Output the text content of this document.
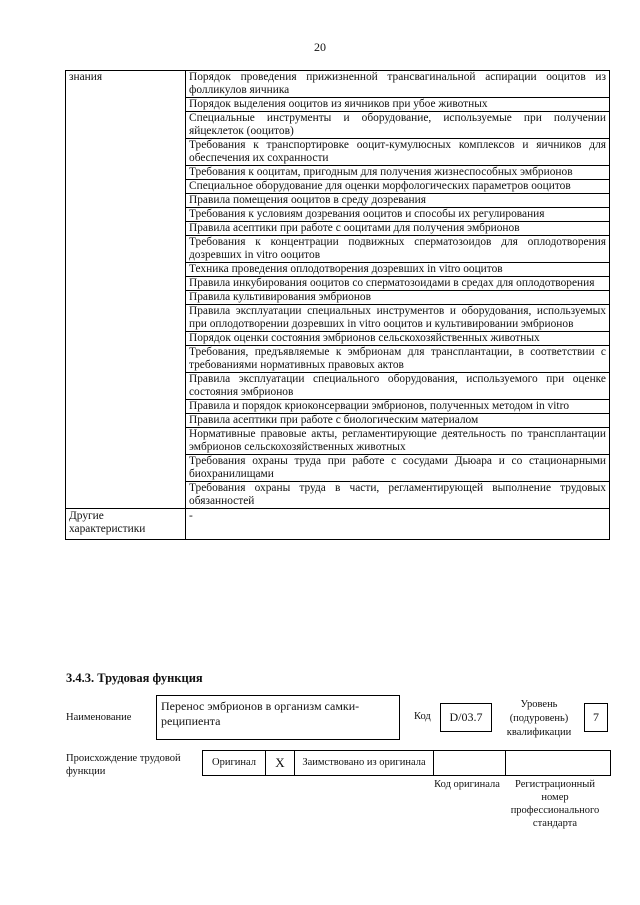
20
знания	Порядок проведения прижизненной трансвагинальной аспирации ооцитов из фолликулов яичника
	Порядок выделения ооцитов из яичников при убое животных
	Специальные инструменты и оборудование, используемые при получении яйцеклеток (ооцитов)
	Требования к транспортировке ооцит-кумулюсных комплексов и яичников для обеспечения их сохранности
	Требования к ооцитам, пригодным для получения жизнеспособных эмбрионов
	Специальное оборудование для оценки морфологических параметров ооцитов
	Правила помещения ооцитов в среду дозревания
	Требования к условиям дозревания ооцитов и способы их регулирования
	Правила асептики при работе с ооцитами для получения эмбрионов
	Требования к концентрации подвижных сперматозоидов для оплодотворения дозревших in vitro ооцитов
	Техника проведения оплодотворения дозревших in vitro ооцитов
	Правила инкубирования ооцитов со сперматозоидами в средах для оплодотворения
	Правила культивирования эмбрионов
	Правила эксплуатации специальных инструментов и оборудования, используемых при оплодотворении дозревших in vitro ооцитов и культивировании эмбрионов
	Порядок оценки состояния эмбрионов сельскохозяйственных животных
	Требования, предъявляемые к эмбрионам для трансплантации, в соответствии с требованиями нормативных правовых актов
	Правила эксплуатации специального оборудования, используемого при оценке состояния эмбрионов
	Правила и порядок криоконсервации эмбрионов, полученных методом in vitro
	Правила асептики при работе с биологическим материалом
	Нормативные правовые акты, регламентирующие деятельность по трансплантации эмбрионов сельскохозяйственных животных
	Требования охраны труда при работе с сосудами Дьюара и со стационарными биохранилищами
	Требования охраны труда в части, регламентирующей выполнение трудовых обязанностей
Другие характеристики	-
3.4.3. Трудовая функция
Наименование
Перенос эмбрионов в организм самки-реципиента	Код	D/03.7
Уровень (подуровень) квалификации
7
Происхождение трудовой функции
Оригинал	X	Заимствовано из оригинала		
Код оригинала	Регистрационный номер профессионального стандарта
